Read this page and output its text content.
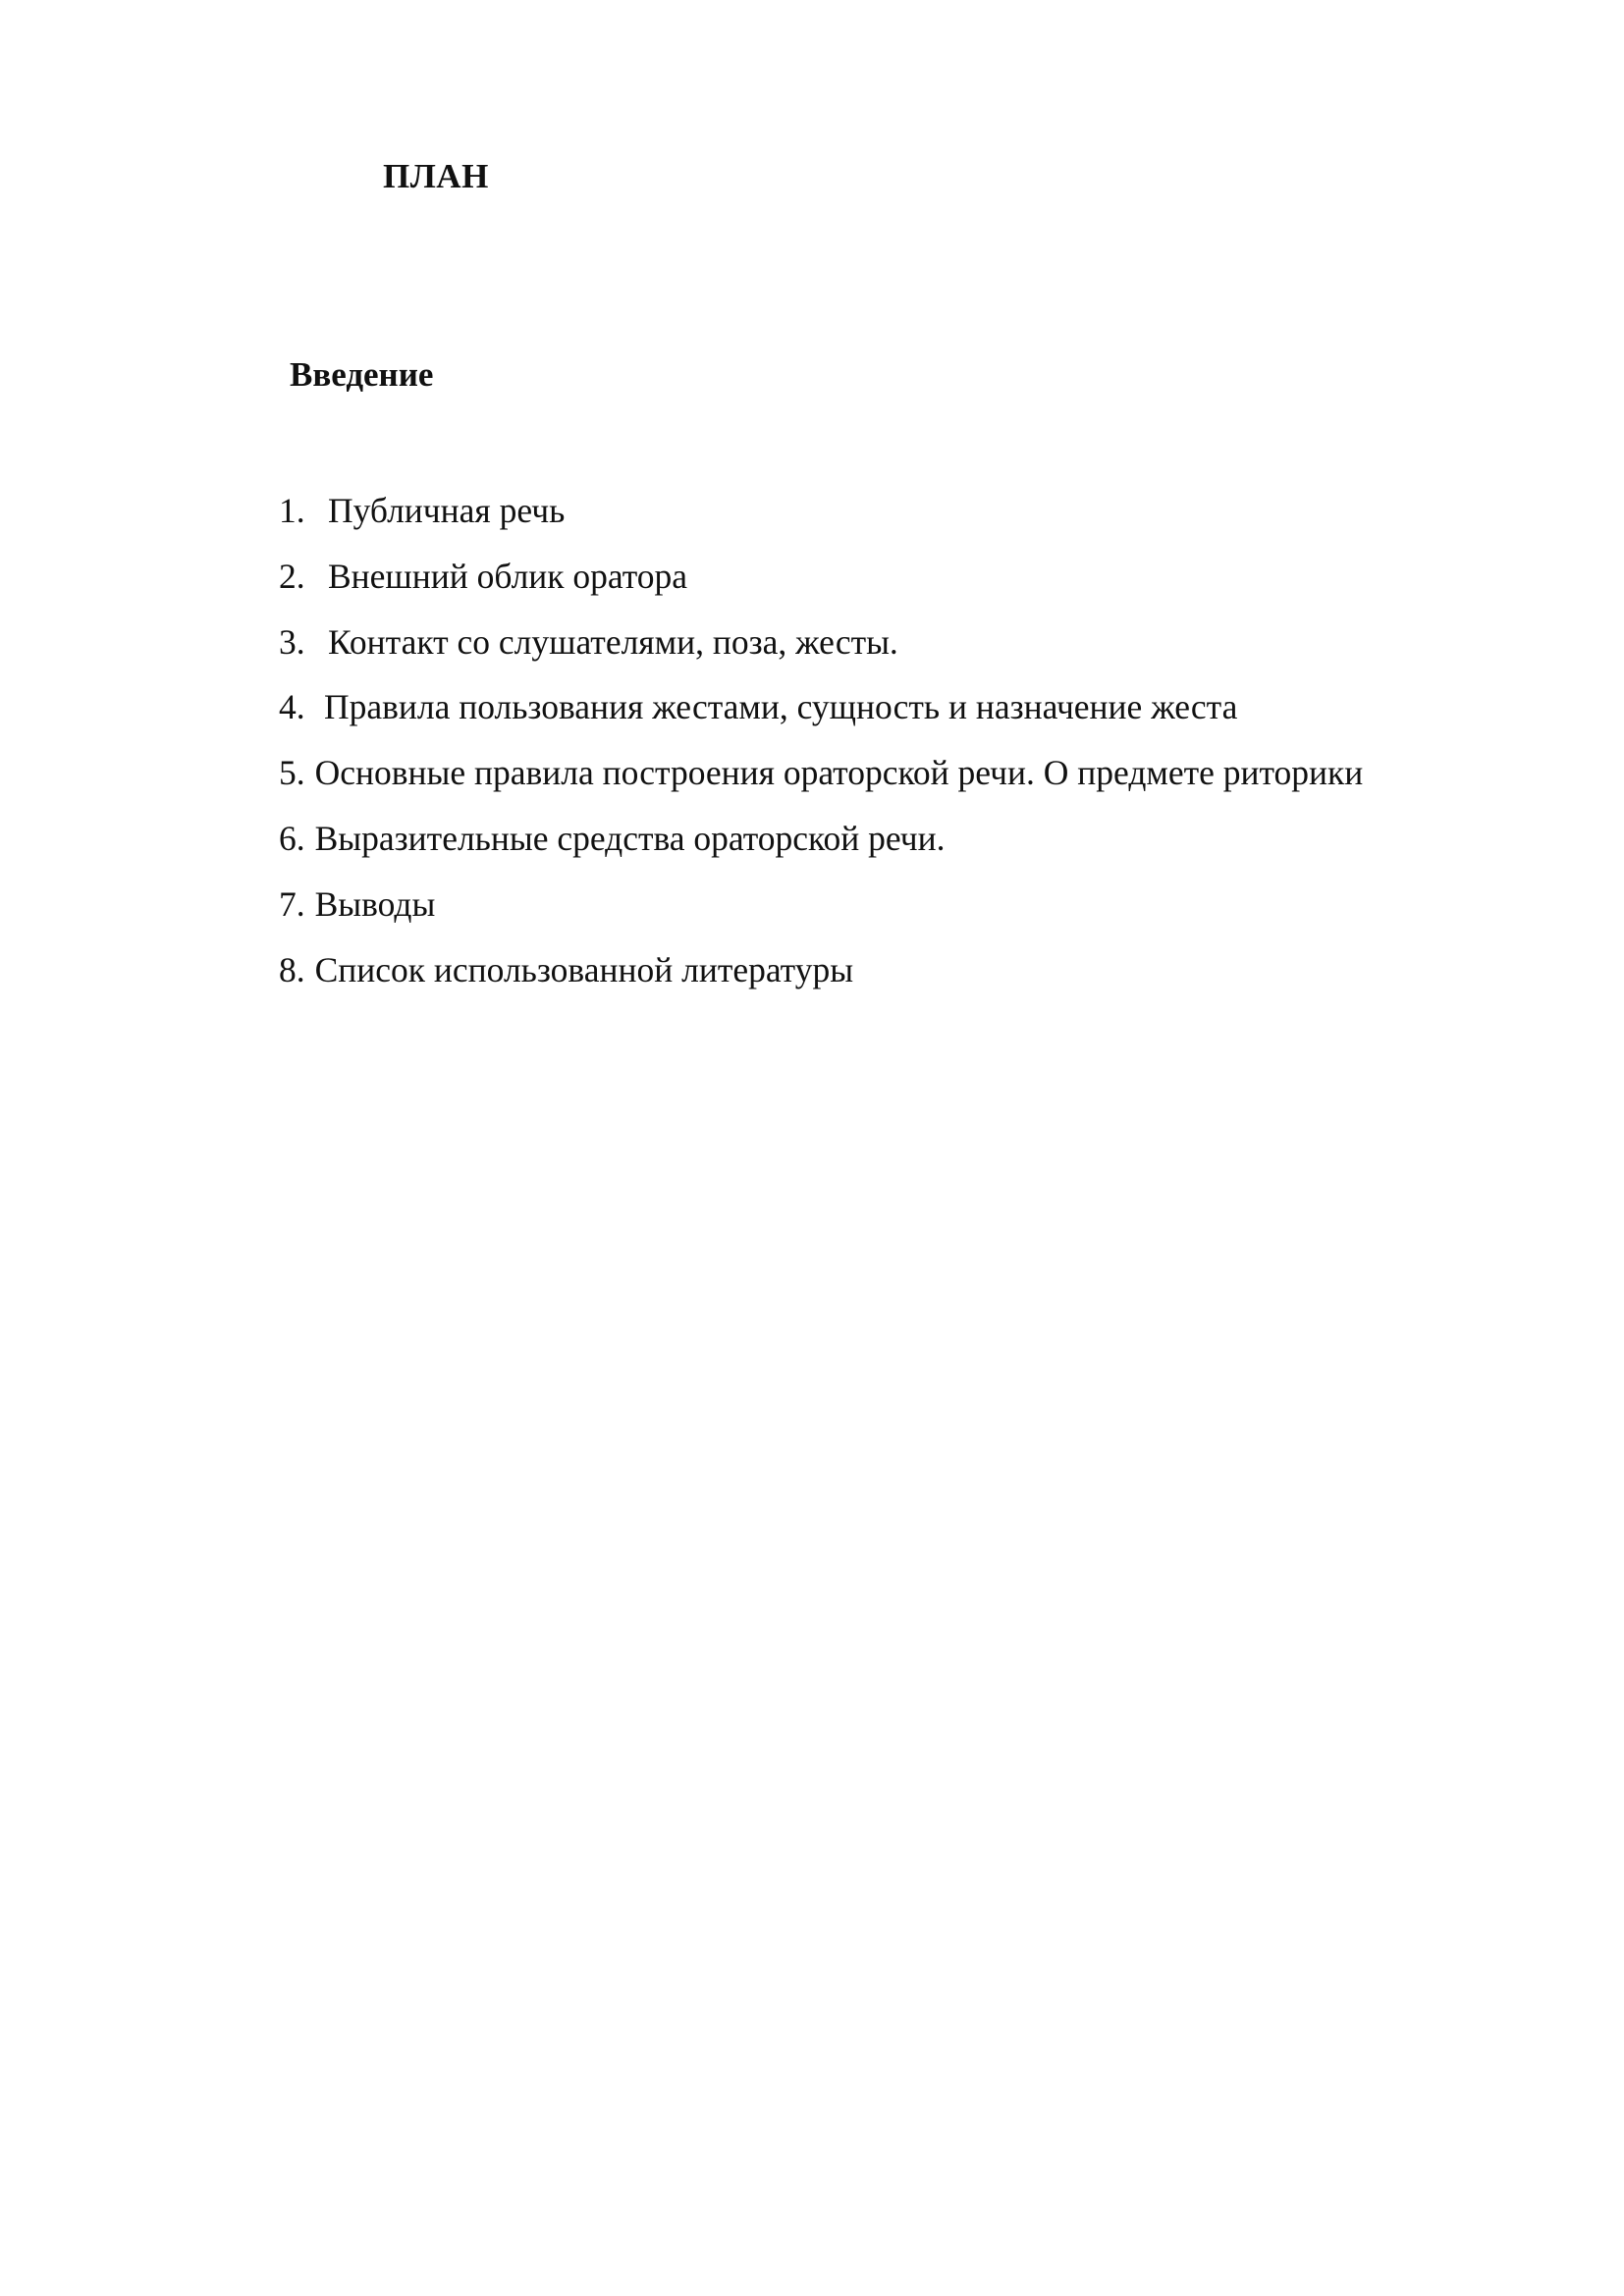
ПЛАН
Введение
1. Публичная речь
2. Внешний облик оратора
3. Контакт со слушателями, поза, жесты.
4. Правила пользования жестами, сущность и назначение жеста
5. Основные правила построения ораторской речи. О предмете риторики
6. Выразительные средства ораторской речи.
7. Выводы
8. Список использованной литературы
